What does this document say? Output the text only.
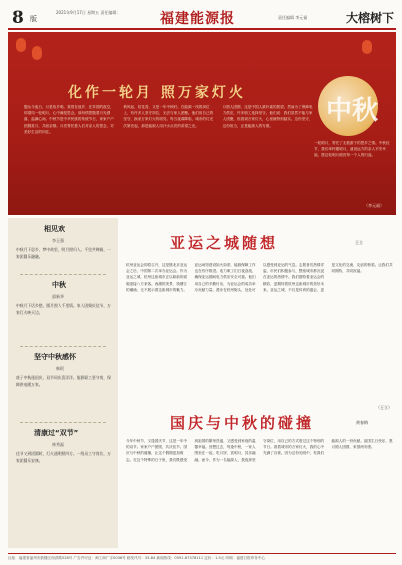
8 版
2021年9月17日 星期五 责任编辑：	福建能源报	责任编辑 李元福	大榕树下
化作一轮月 照万家灯火

题从今夜白，月是故乡明。我曾在他乡、在异国的夜空，仰望同一轮明月，心中满是思念。那份情思随着月光洒落，溢满心间。中秋节是中华民族的传统节日，家家户户团圆赏月，共叙亲情。月亮寄托着人们对亲人的思念，对美好生活的向往。

秋风起，桂花香，又是一年中秋时。在能源一线的岗位上，有许多人坚守岗位，无法与家人团聚。他们用自己的坚守，换来万家灯火的明亮。每当夜幕降临，城市的灯光次第亮起，那是能源人用汗水点亮的希望之光。

月圆人团圆，这是中国人最朴素的愿望。然而为了保障电力供应，许多职工选择坚守。他们说：我们虽然不能与家人团聚，但看到万家灯火，心里就特别踏实。这份坚守，这份担当，正是能源人的写照。	中秋
一轮明月，寄托了无数游子的思乡之情。中秋佳节，我们举杯邀明月，遥祝远方的亲人平安幸福，愿这轮明月照亮每一个人的归途。
（李元福）
相见欢
李玉强
中秋月下思乡，梦中故里，明月照归人。千里共婵娟，一家团圆乐融融。
中秋
邵新华
中秋月下话乡愁，圆月照人千里情。家人团聚庆佳节，万家灯火映天边。
坚守中秋感怀
韩珉
庚子中秋逢国庆，双节同庆喜洋洋。能源职工坚守岗，保障供电暖万家。
清康过“双节”
林秀磊
佳节又到团圆时，灯火通明照四方。一线员工守岗位，万家团圆乐安康。
亚运之城随想	王立
杭州亚运会即将召开，这是继北京亚运会之后，中国第二次举办亚运会。作为亚运之城，杭州这座城市正以崭新的面貌迎接八方来客。西湖的美景、钱塘江的潮涌，无不展示着这座城市的魅力。亚运场馆建设如火如荼，能源保障工作也在有序推进。电力职工们日夜奋战，确保亚运期间电力供应安全可靠。他们用自己的辛勤付出，为亚运会的成功举办贡献力量。漫步在杭州街头，处处可以感受到亚运的气息。志愿者们热情洋溢，市民们积极参与，整座城市都沉浸在亚运的热情中。我们期待着亚运会的精彩，更期待着杭州这座城市的美好未来。亚运之城，不仅是体育的盛会，更是文化的交流、友谊的桥梁。让我们共同期待，共同祝福。
（王立）
国庆与中秋的碰撞	黄春梅
今年中秋节，又逢国庆节，这是一年中的双节。家家户户团圆，共庆佳节。国庆与中秋的碰撞，让这个假期更加难忘。在这个特殊的日子里，我们既感受到祖国的繁荣昌盛，又感受到家庭的温馨幸福。回想过去，每逢中秋，一家人围坐在一起，吃月饼、赏明月，其乐融融。而今，作为一名能源人，我选择坚守岗位，用自己的方式度过这个特别的节日。看着城市的万家灯火，我的心中充满了自豪。因为这份光明中，有我们能源人的一份贡献。祖国生日快乐，愿月圆人团圆，家国两安康。
社址：福建省福州市鼓楼区西洪路528号 广告许可证：闽工商广字0036号 邮发代号：33-84 新闻热线：0591-87578111 定价：1.5元 印刷：福建日报印务中心
